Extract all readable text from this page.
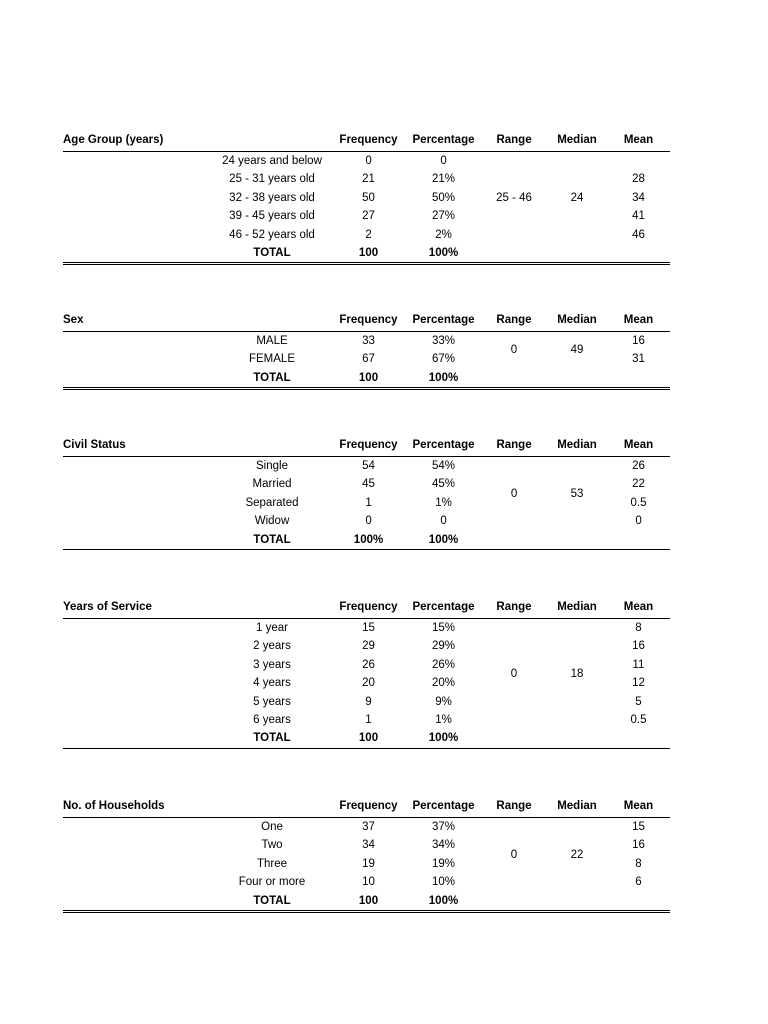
Age Group (years)		Frequency	Percentage	Range	Median	Mean
	24 years and below	0	0			
	25 - 31 years old	21	21%			28
	32 - 38 years old	50	50%	25 - 46	24	34
	39 - 45 years old	27	27%			41
	46 - 52 years old	2	2%			46
	TOTAL	100	100%			
Sex		Frequency	Percentage	Range	Median	Mean
	MALE	33	33%	0	49	16
	FEMALE	67	67%			31
	TOTAL	100	100%			
Civil Status		Frequency	Percentage	Range	Median	Mean
	Single	54	54%	0	53	26
	Married	45	45%			22
	Separated	1	1%			0.5
	Widow	0	0			0
	TOTAL	100%	100%			
Years of Service		Frequency	Percentage	Range	Median	Mean
	1 year	15	15%	0	18	8
	2 years	29	29%			16
	3 years	26	26%			11
	4 years	20	20%			12
	5 years	9	9%			5
	6 years	1	1%			0.5
	TOTAL	100	100%			
No. of Households		Frequency	Percentage	Range	Median	Mean
	One	37	37%	0	22	15
	Two	34	34%			16
	Three	19	19%			8
	Four or more	10	10%			6
	TOTAL	100	100%			
